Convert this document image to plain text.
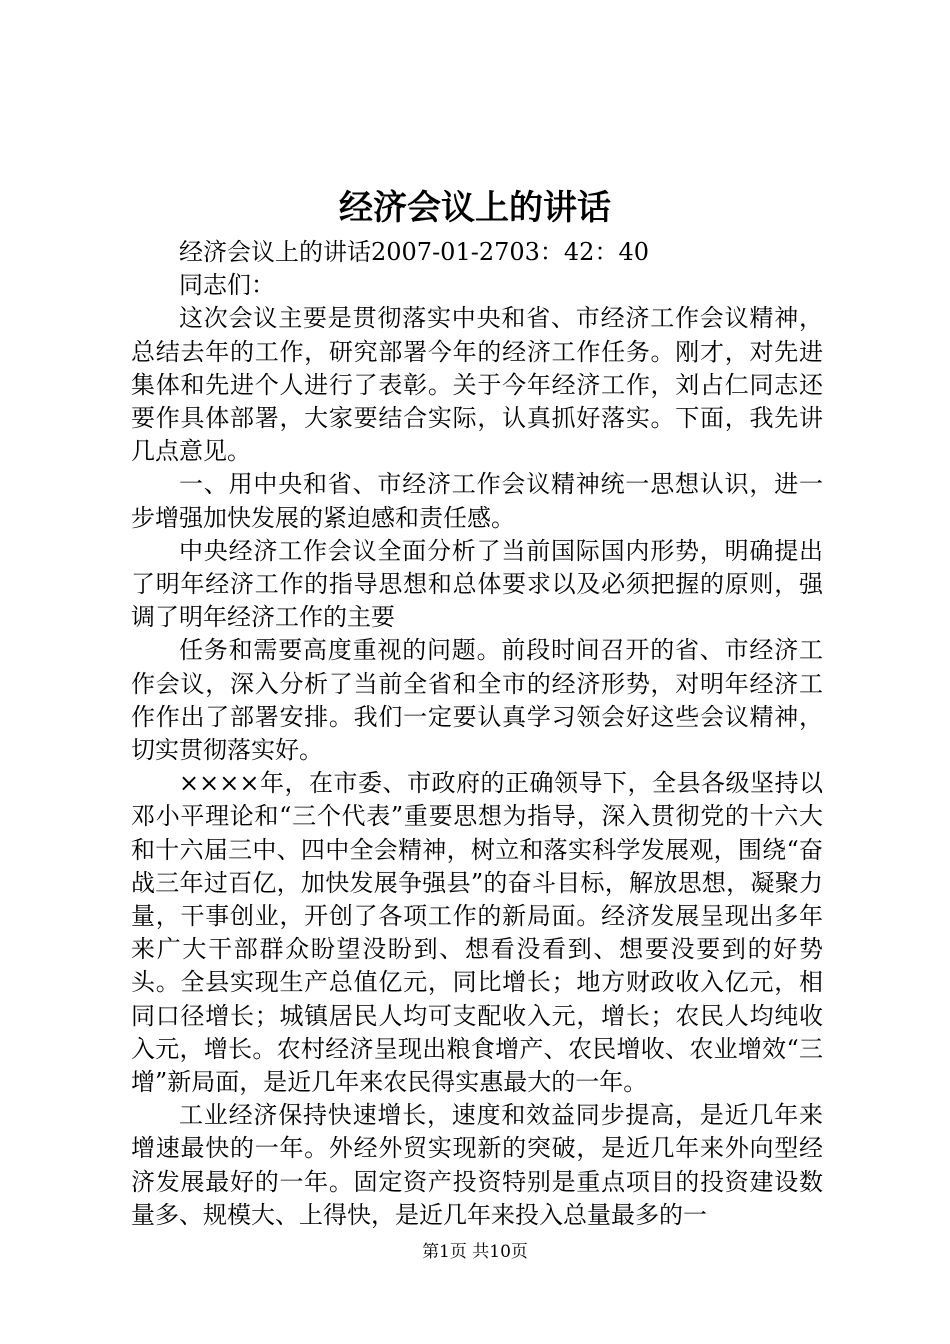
经济会议上的讲话

经济会议上的讲话2007-01-2703：42：40

同志们：

这次会议主要是贯彻落实中央和省、市经济工作会议精神，总结去年的工作，研究部署今年的经济工作任务。刚才，对先进集体和先进个人进行了表彰。关于今年经济工作，刘占仁同志还要作具体部署，大家要结合实际，认真抓好落实。下面，我先讲几点意见。

一、用中央和省、市经济工作会议精神统一思想认识，进一步增强加快发展的紧迫感和责任感。

中央经济工作会议全面分析了当前国际国内形势，明确提出了明年经济工作的指导思想和总体要求以及必须把握的原则，强调了明年经济工作的主要

任务和需要高度重视的问题。前段时间召开的省、市经济工作会议，深入分析了当前全省和全市的经济形势，对明年经济工作作出了部署安排。我们一定要认真学习领会好这些会议精神，切实贯彻落实好。

××××年，在市委、市政府的正确领导下，全县各级坚持以邓小平理论和“三个代表”重要思想为指导，深入贯彻党的十六大和十六届三中、四中全会精神，树立和落实科学发展观，围绕“奋战三年过百亿，加快发展争强县”的奋斗目标，解放思想，凝聚力量，干事创业，开创了各项工作的新局面。经济发展呈现出多年来广大干部群众盼望没盼到、想看没看到、想要没要到的好势头。全县实现生产总值亿元，同比增长；地方财政收入亿元，相同口径增长；城镇居民人均可支配收入元，增长；农民人均纯收入元，增长。农村经济呈现出粮食增产、农民增收、农业增效“三增”新局面，是近几年来农民得实惠最大的一年。

工业经济保持快速增长，速度和效益同步提高，是近几年来增速最快的一年。外经外贸实现新的突破，是近几年来外向型经济发展最好的一年。固定资产投资特别是重点项目的投资建设数量多、规模大、上得快，是近几年来投入总量最多的一

第1页 共10页
